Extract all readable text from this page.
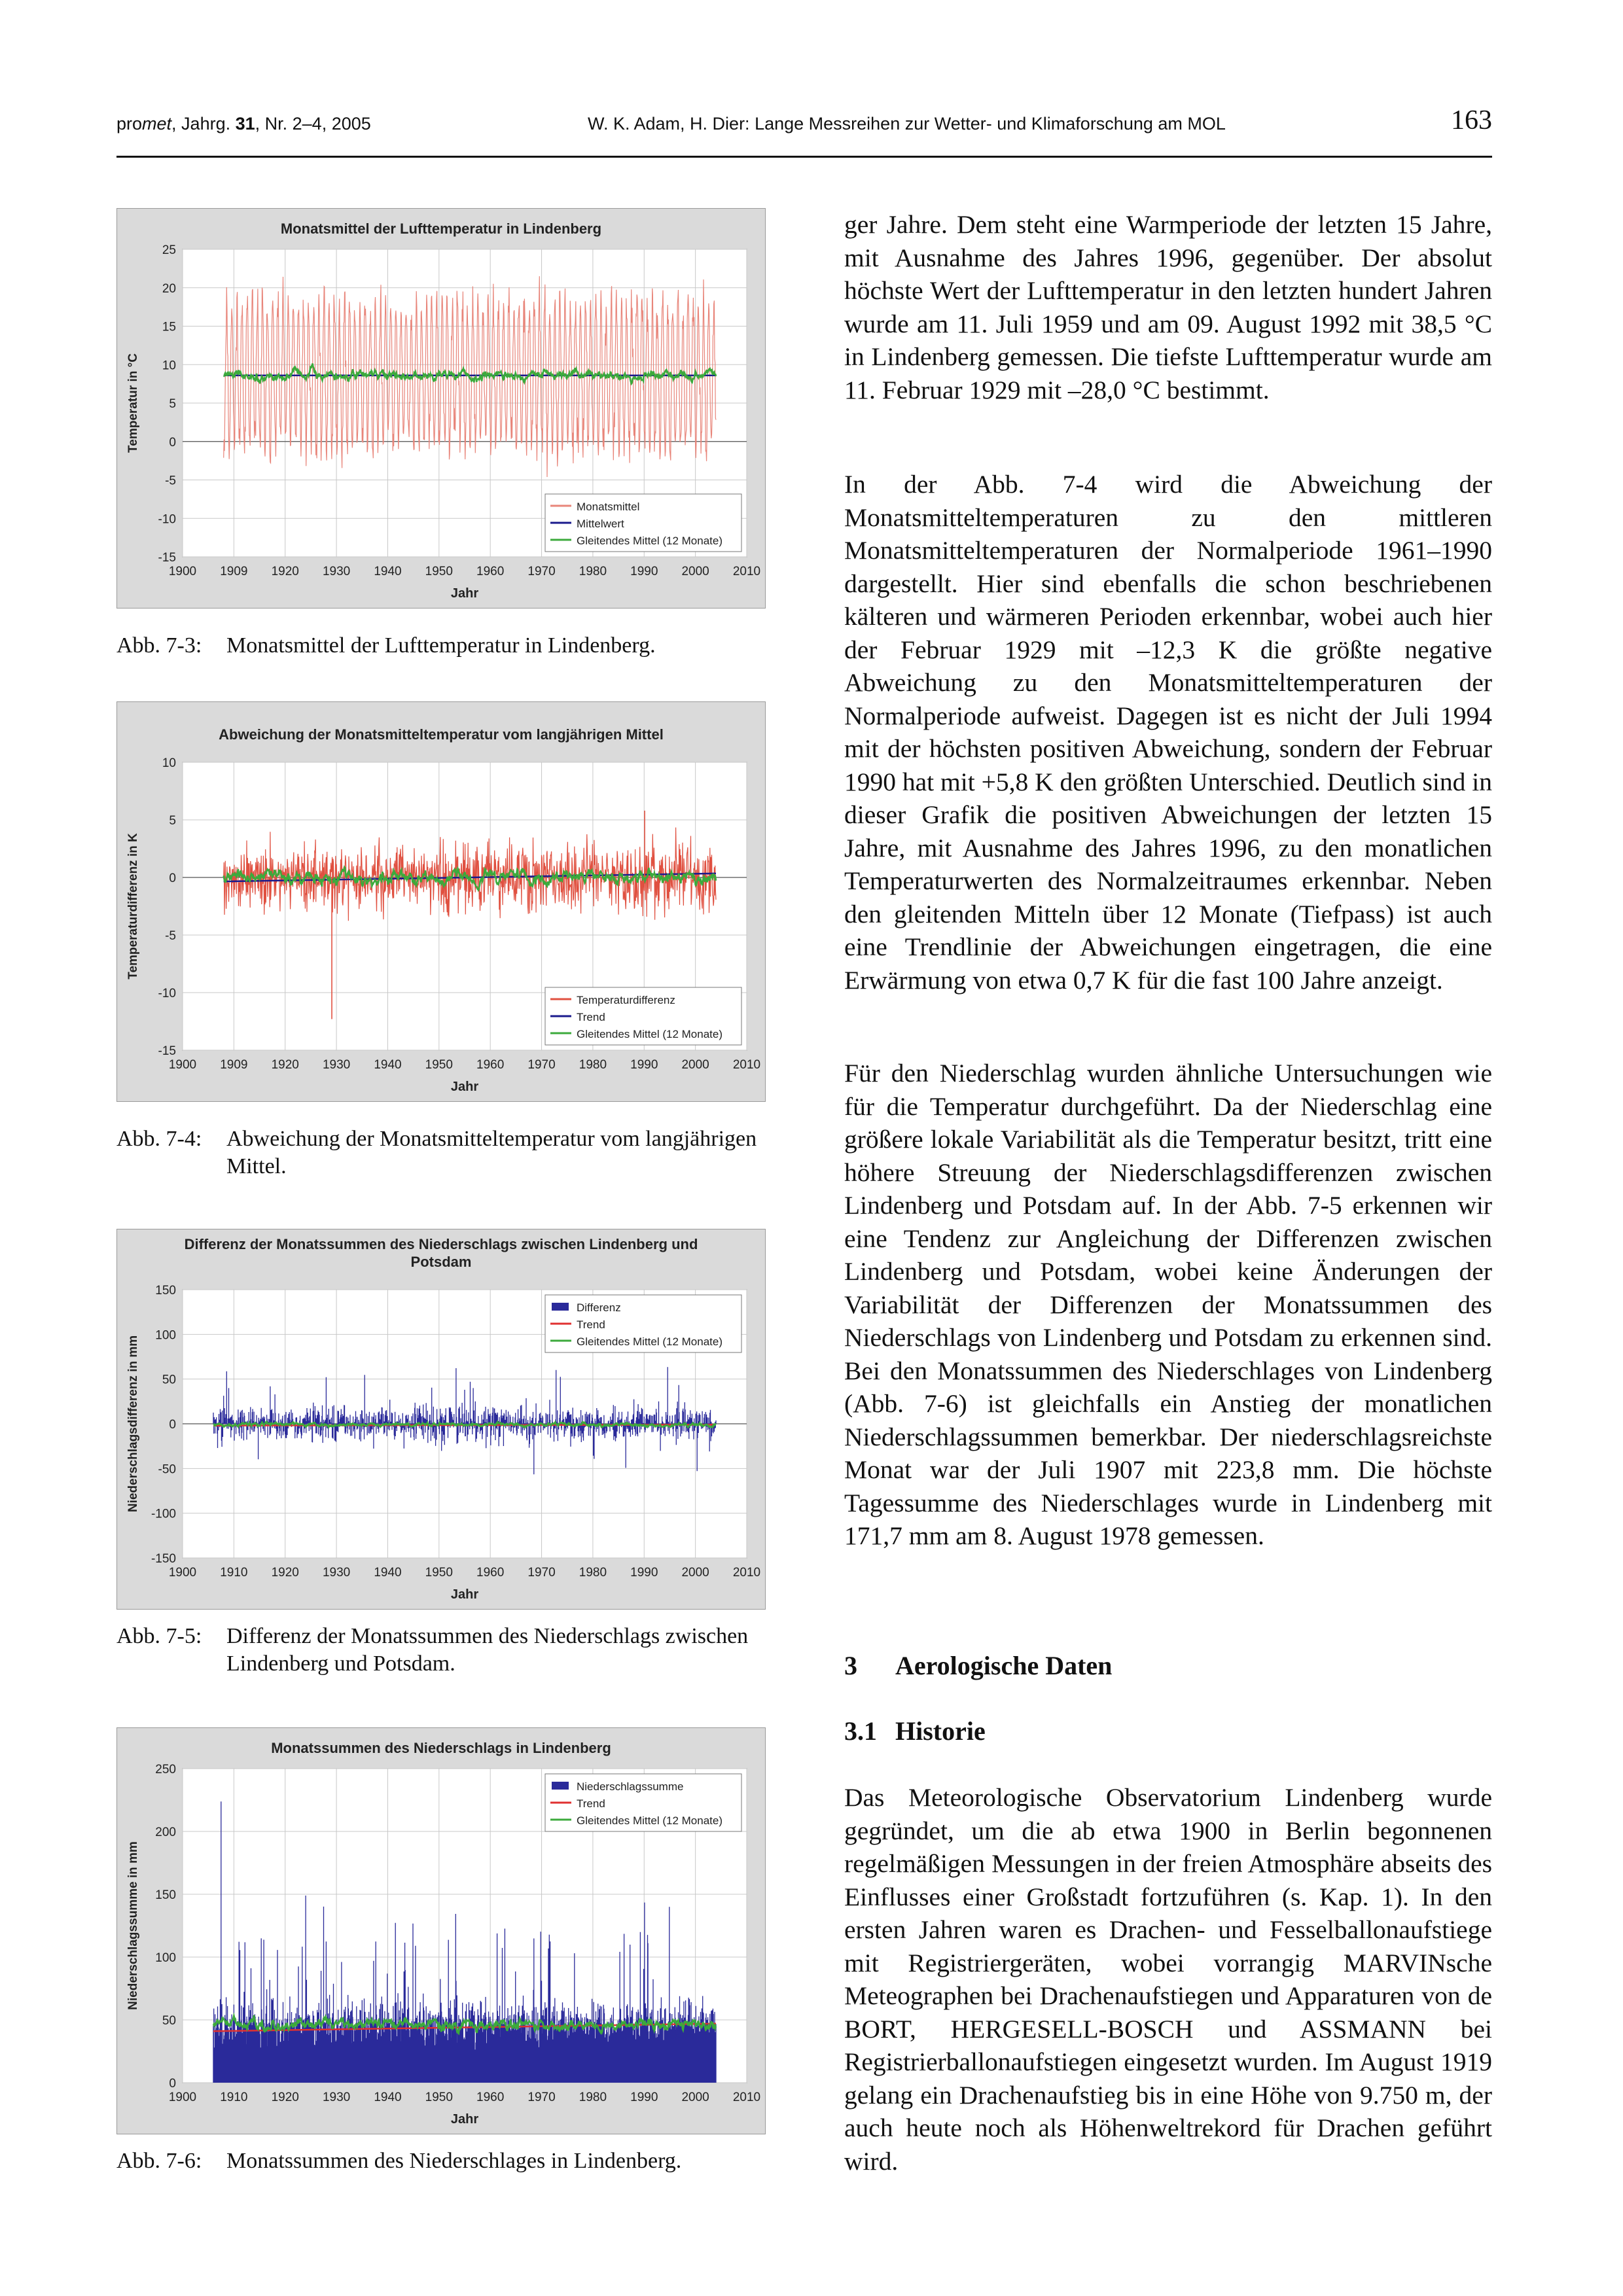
promet, Jahrg. 31, Nr. 2–4, 2005	W. K. Adam, H. Dier: Lange Messreihen zur Wetter- und Klimaforschung am MOL	163
Monatsmittel der Lufttemperatur in Lindenberg
-15
-10
-5
0
5
10
15
20
25
1900 1909 1920 1930 1940 1950 1960 1970 1980 1990 2000 2010
Jahr
Temperatur in °C
Monatsmittel
Mittelwert
Gleitendes Mittel (12 Monate)
Abb. 7-3: Monatsmittel der Lufttemperatur in Lindenberg.
Abweichung der Monatsmitteltemperatur vom langjährigen Mittel
-15
-10
-5
0
5
10
1900 1909 1920 1930 1940 1950 1960 1970 1980 1990 2000 2010
Jahr
Temperaturdifferenz in K
Temperaturdifferenz
Trend
Gleitendes Mittel (12 Monate)
Abb. 7-4: Abweichung der Monatsmitteltemperatur vom langjährigen Mittel.
Differenz der Monatssummen des Niederschlags zwischen Lindenberg und
Potsdam
-150
-100
-50
0
50
100
150
1900 1910 1920 1930 1940 1950 1960 1970 1980 1990 2000 2010
Jahr
Niederschlagsdifferenz in mm
Differenz
Trend
Gleitendes Mittel (12 Monate)
Abb. 7-5: Differenz der Monatssummen des Niederschlags zwischen Lindenberg und Potsdam.
Monatssummen des Niederschlags in Lindenberg
0
50
100
150
200
250
1900 1910 1920 1930 1940 1950 1960 1970 1980 1990 2000 2010
Jahr
Niederschlagssumme in mm
Niederschlagssumme
Trend
Gleitendes Mittel (12 Monate)
Abb. 7-6: Monatssummen des Niederschlages in Lindenberg.

ger Jahre. Dem steht eine Warmperiode der letzten 15 Jahre, mit Ausnahme des Jahres 1996, gegenüber. Der absolut höchste Wert der Lufttemperatur in den letzten hundert Jahren wurde am 11. Juli 1959 und am 09. August 1992 mit 38,5 °C in Lindenberg gemessen. Die tiefste Lufttemperatur wurde am 11. Februar 1929 mit –28,0 °C bestimmt.

In der Abb. 7-4 wird die Abweichung der Monatsmitteltemperaturen zu den mittleren Monatsmitteltemperaturen der Normalperiode 1961–1990 dargestellt. Hier sind ebenfalls die schon beschriebenen kälteren und wärmeren Perioden erkennbar, wobei auch hier der Februar 1929 mit –12,3 K die größte negative Abweichung zu den Monatsmitteltemperaturen der Normalperiode aufweist. Dagegen ist es nicht der Juli 1994 mit der höchsten positiven Abweichung, sondern der Februar 1990 hat mit +5,8 K den größten Unterschied. Deutlich sind in dieser Grafik die positiven Abweichungen der letzten 15 Jahre, mit Ausnahme des Jahres 1996, zu den monatlichen Temperaturwerten des Normalzeitraumes erkennbar. Neben den gleitenden Mitteln über 12 Monate (Tiefpass) ist auch eine Trendlinie der Abweichungen eingetragen, die eine Erwärmung von etwa 0,7 K für die fast 100 Jahre anzeigt.

Für den Niederschlag wurden ähnliche Untersuchungen wie für die Temperatur durchgeführt. Da der Niederschlag eine größere lokale Variabilität als die Temperatur besitzt, tritt eine höhere Streuung der Niederschlagsdifferenzen zwischen Lindenberg und Potsdam auf. In der Abb. 7-5 erkennen wir eine Tendenz zur Angleichung der Differenzen zwischen Lindenberg und Potsdam, wobei keine Änderungen der Variabilität der Differenzen der Monatssummen des Niederschlags von Lindenberg und Potsdam zu erkennen sind. Bei den Monatssummen des Niederschlages von Lindenberg (Abb. 7-6) ist gleichfalls ein Anstieg der monatlichen Niederschlagssummen bemerkbar. Der niederschlagsreichste Monat war der Juli 1907 mit 223,8 mm. Die höchste Tagessumme des Niederschlages wurde in Lindenberg mit 171,7 mm am 8. August 1978 gemessen.

3 Aerologische Daten
3.1 Historie

Das Meteorologische Observatorium Lindenberg wurde gegründet, um die ab etwa 1900 in Berlin begonnenen regelmäßigen Messungen in der freien Atmosphäre abseits des Einflusses einer Großstadt fortzuführen (s. Kap. 1). In den ersten Jahren waren es Drachen- und Fesselballonaufstiege mit Registriergeräten, wobei vorrangig MARVINsche Meteographen bei Drachenaufstiegen und Apparaturen von de BORT, HERGESELL-BOSCH und ASSMANN bei Registrierballonaufstiegen eingesetzt wurden. Im August 1919 gelang ein Drachenaufstieg bis in eine Höhe von 9.750 m, der auch heute noch als Höhenweltrekord für Drachen geführt wird.
